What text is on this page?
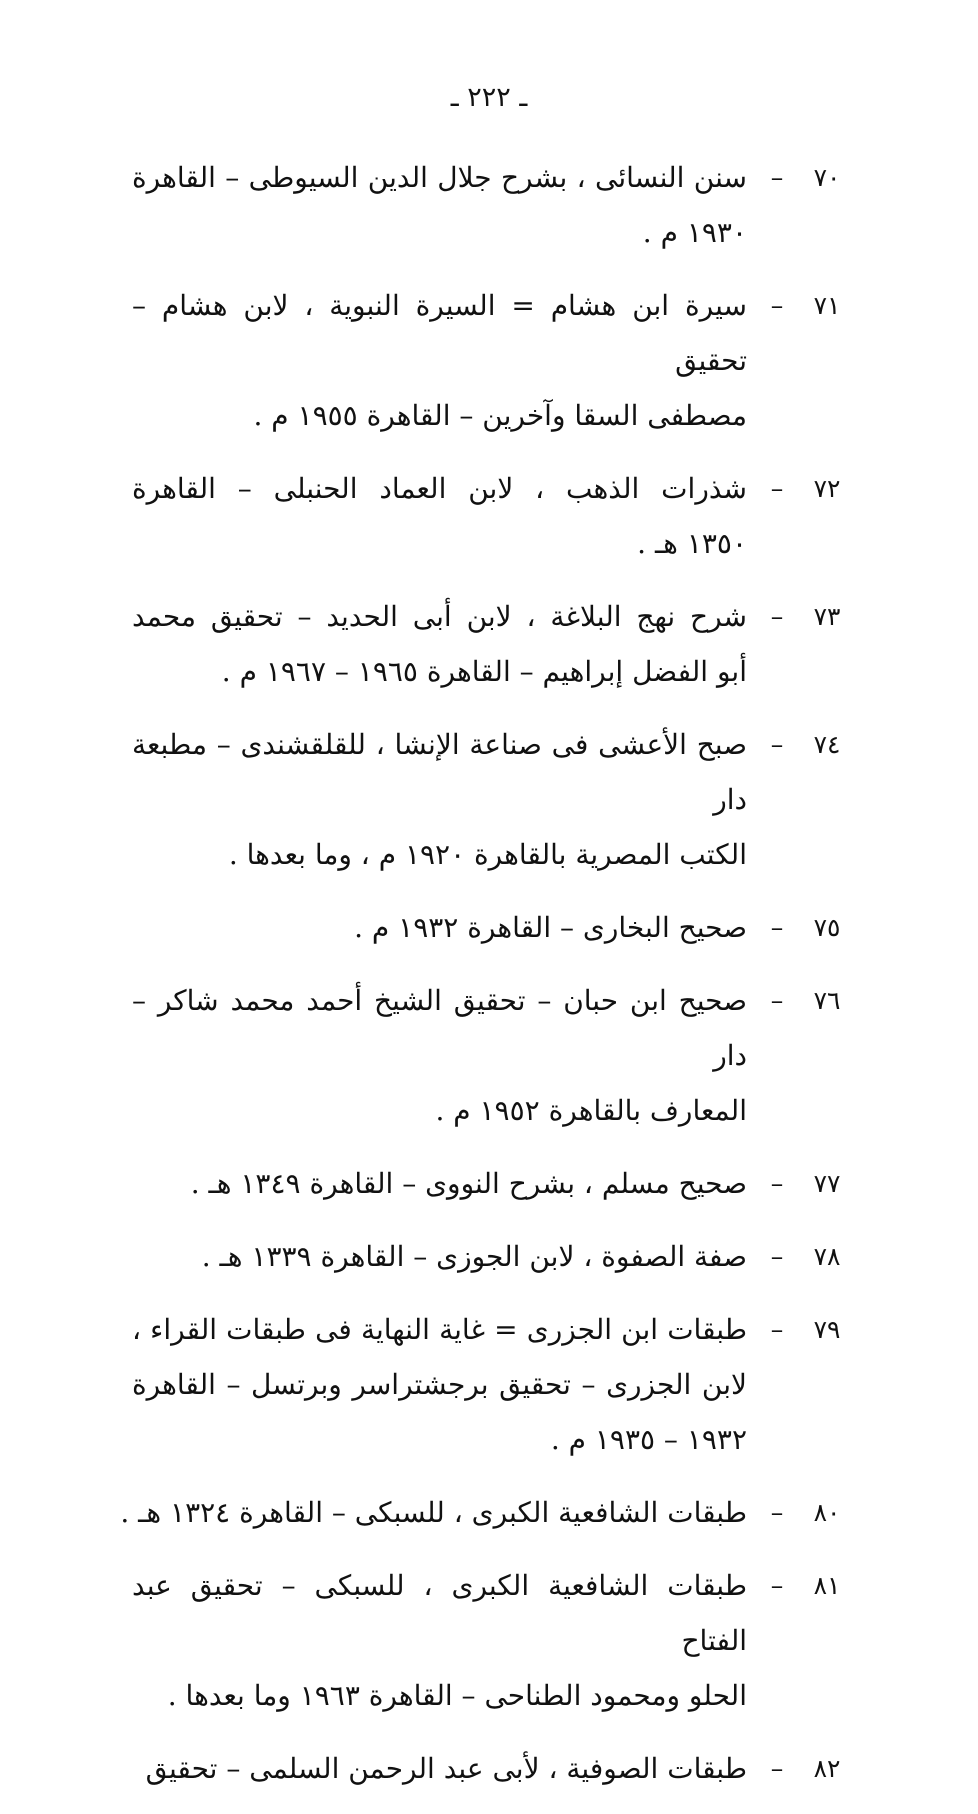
ـ ٢٢٢ ـ
٧٠
–
سنن النسائى ، بشرح جلال الدين السيوطى – القاهرة
١٩٣٠ م .
٧١
–
سيرة ابن هشام = السيرة النبوية ، لابن هشام – تحقيق
مصطفى السقا وآخرين – القاهرة ١٩٥٥ م .
٧٢
–
شذرات الذهب ، لابن العماد الحنبلى – القاهرة
١٣٥٠ هـ .
٧٣
–
شرح نهج البلاغة ، لابن أبى الحديد – تحقيق محمد
أبو الفضل إبراهيم – القاهرة ١٩٦٥ – ١٩٦٧ م .
٧٤
–
صبح الأعشى فى صناعة الإنشا ، للقلقشندى – مطبعة دار
الكتب المصرية بالقاهرة ١٩٢٠ م ، وما بعدها .
٧٥
–
صحيح البخارى – القاهرة ١٩٣٢ م .
٧٦
–
صحيح ابن حبان – تحقيق الشيخ أحمد محمد شاكر – دار
المعارف بالقاهرة ١٩٥٢ م .
٧٧
–
صحيح مسلم ، بشرح النووى – القاهرة ١٣٤٩ هـ .
٧٨
–
صفة الصفوة ، لابن الجوزى – القاهرة ١٣٣٩ هـ .
٧٩
–
طبقات ابن الجزرى = غاية النهاية فى طبقات القراء ،
لابن الجزرى – تحقيق برجشتراسر وبرتسل – القاهرة
١٩٣٢ – ١٩٣٥ م .
٨٠
–
طبقات الشافعية الكبرى ، للسبكى – القاهرة ١٣٢٤ هـ .
٨١
–
طبقات الشافعية الكبرى ، للسبكى – تحقيق عبد الفتاح
الحلو ومحمود الطناحى – القاهرة ١٩٦٣ وما بعدها .
٨٢
–
طبقات الصوفية ، لأبى عبد الرحمن السلمى – تحقيق
